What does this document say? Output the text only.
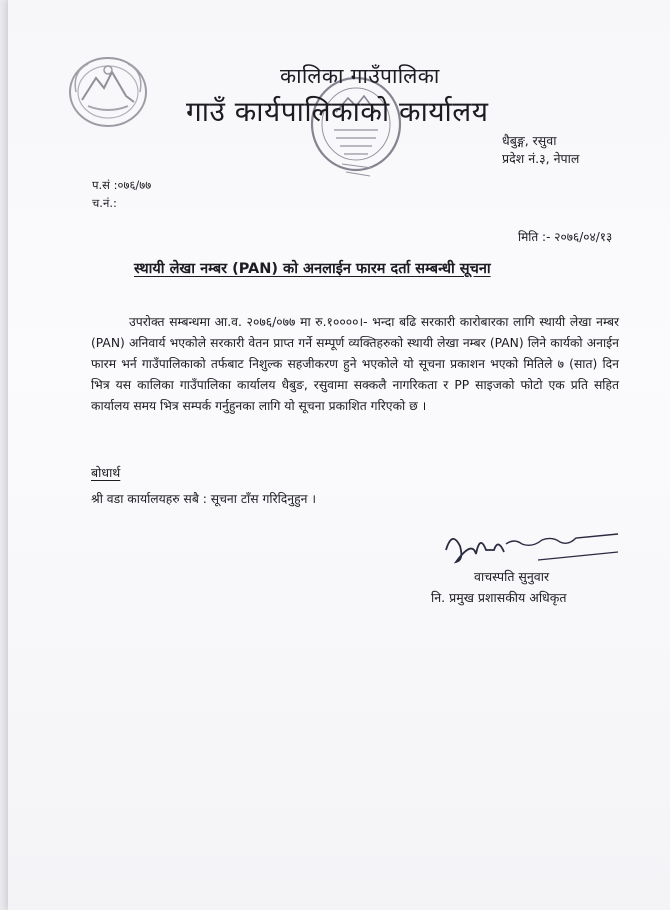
कालिका गाउँपालिका
गाउँ कार्यपालिकाको कार्यालय
धैबुङ्ग, रसुवा
प्रदेश नं.३, नेपाल
प.सं :०७६/७७
च.नं.:
मिति :- २०७६/०४/१३
स्थायी लेखा नम्बर (PAN) को अनलाईन फारम दर्ता सम्बन्धी सूचना
उपरोक्त सम्बन्धमा आ.व. २०७६/०७७ मा रु.१००००।- भन्दा बढि सरकारी कारोबारका लागि स्थायी लेखा नम्बर (PAN) अनिवार्य भएकोले सरकारी वेतन प्राप्त गर्ने सम्पूर्ण व्यक्तिहरुको स्थायी लेखा नम्बर (PAN) लिने कार्यको अनाईन फारम भर्न गाउँपालिकाको तर्फबाट निशुल्क सहजीकरण हुने भएकोले यो सूचना प्रकाशन भएको मितिले ७ (सात) दिन भित्र यस कालिका गाउँपालिका कार्यालय धैबुङ, रसुवामा सक्कलै नागरिकता र PP साइजको फोटो एक प्रति सहित कार्यालय समय भित्र सम्पर्क गर्नुहुनका लागि यो सूचना प्रकाशित गरिएको छ ।
बोधार्थ
श्री वडा कार्यालयहरु सबै : सूचना टाँस गरिदिनुहुन ।
वाचस्पति सुनुवार
नि. प्रमुख प्रशासकीय अधिकृत
